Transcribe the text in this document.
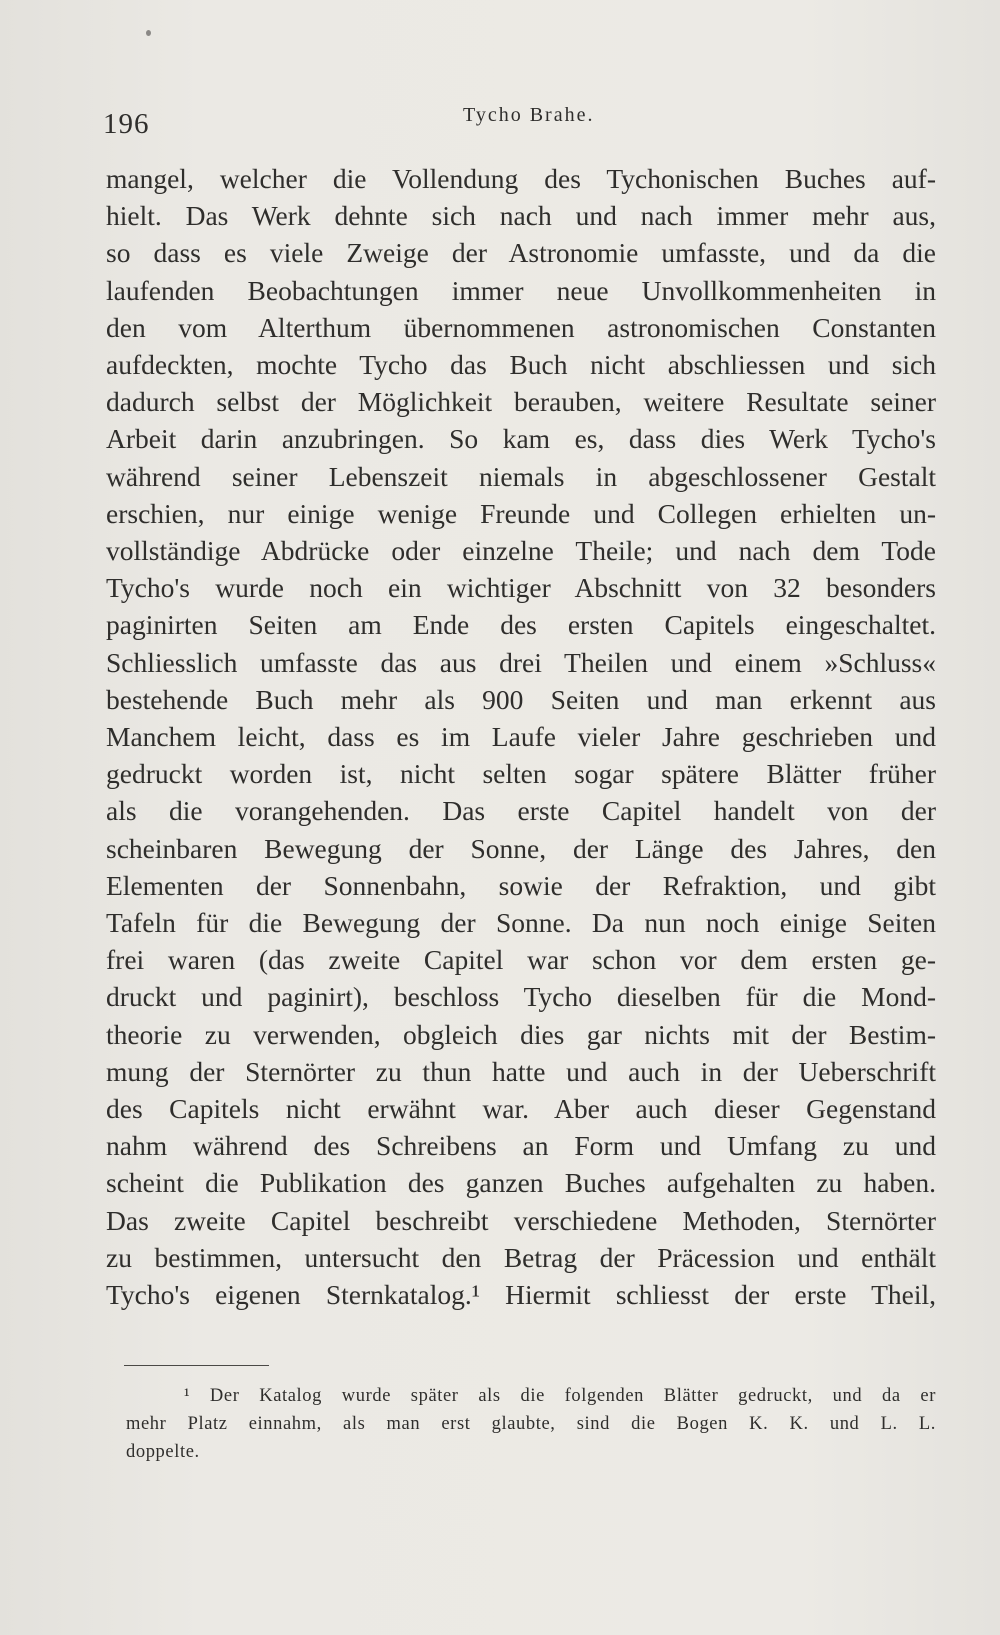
196	Tycho Brahe.
mangel, welcher die Vollendung des Tychonischen Buches auf-
hielt. Das Werk dehnte sich nach und nach immer mehr aus,
so dass es viele Zweige der Astronomie umfasste, und da die
laufenden Beobachtungen immer neue Unvollkommenheiten in
den vom Alterthum übernommenen astronomischen Constanten
aufdeckten, mochte Tycho das Buch nicht abschliessen und sich
dadurch selbst der Möglichkeit berauben, weitere Resultate seiner
Arbeit darin anzubringen. So kam es, dass dies Werk Tycho's
während seiner Lebenszeit niemals in abgeschlossener Gestalt
erschien, nur einige wenige Freunde und Collegen erhielten un-
vollständige Abdrücke oder einzelne Theile; und nach dem Tode
Tycho's wurde noch ein wichtiger Abschnitt von 32 besonders
paginirten Seiten am Ende des ersten Capitels eingeschaltet.
Schliesslich umfasste das aus drei Theilen und einem »Schluss«
bestehende Buch mehr als 900 Seiten und man erkennt aus
Manchem leicht, dass es im Laufe vieler Jahre geschrieben und
gedruckt worden ist, nicht selten sogar spätere Blätter früher
als die vorangehenden. Das erste Capitel handelt von der
scheinbaren Bewegung der Sonne, der Länge des Jahres, den
Elementen der Sonnenbahn, sowie der Refraktion, und gibt
Tafeln für die Bewegung der Sonne. Da nun noch einige Seiten
frei waren (das zweite Capitel war schon vor dem ersten ge-
druckt und paginirt), beschloss Tycho dieselben für die Mond-
theorie zu verwenden, obgleich dies gar nichts mit der Bestim-
mung der Sternörter zu thun hatte und auch in der Ueberschrift
des Capitels nicht erwähnt war. Aber auch dieser Gegenstand
nahm während des Schreibens an Form und Umfang zu und
scheint die Publikation des ganzen Buches aufgehalten zu haben.
Das zweite Capitel beschreibt verschiedene Methoden, Sternörter
zu bestimmen, untersucht den Betrag der Präcession und enthält
Tycho's eigenen Sternkatalog.¹ Hiermit schliesst der erste Theil,
¹ Der Katalog wurde später als die folgenden Blätter gedruckt, und da er
mehr Platz einnahm, als man erst glaubte, sind die Bogen K. K. und L. L.
doppelte.
